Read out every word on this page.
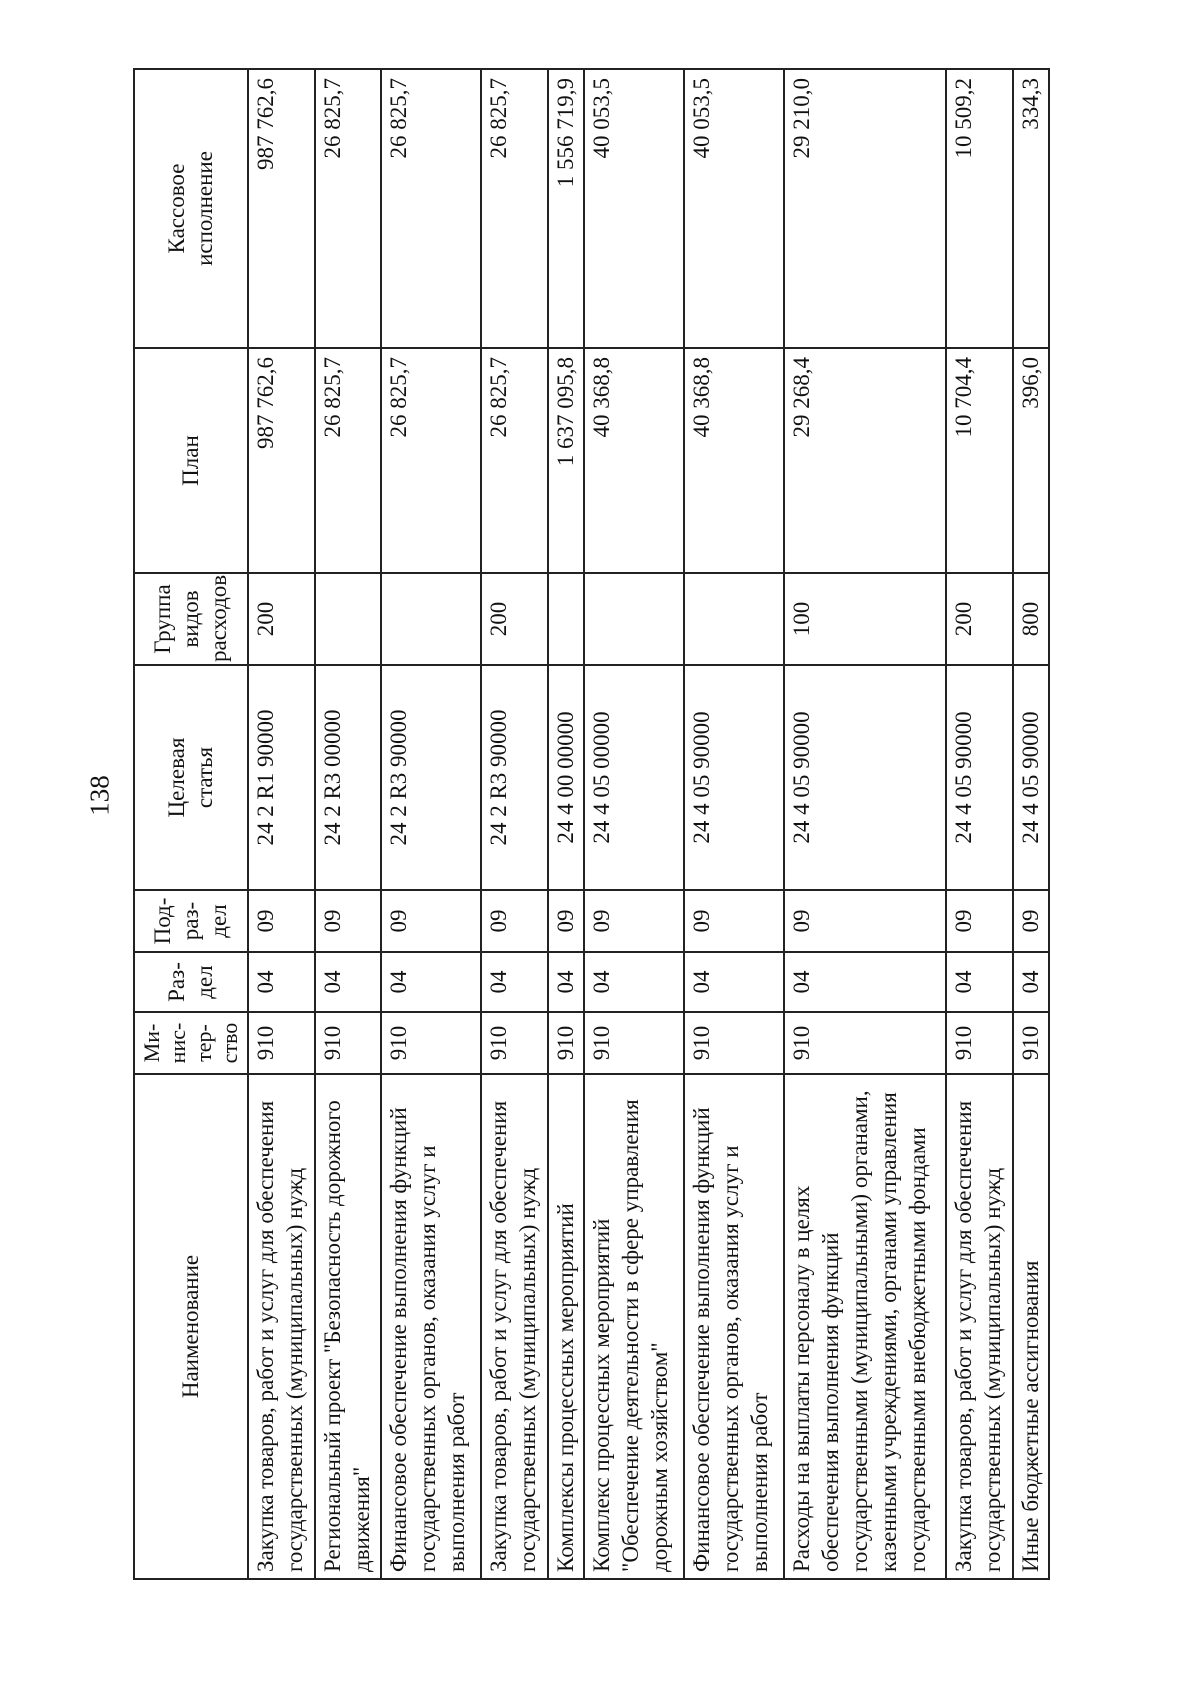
138
Наименование	Ми-
нис-
тер-
ство	Раз- дел	Под- раз- дел	Целевая статья	Группа видов расходов	План	Кассовое исполнение
Закупка товаров, работ и услуг для обеспечения государственных (муниципальных) нужд	910	04	09	24 2 R1 90000	200	987 762,6	987 762,6
Региональный проект "Безопасность дорожного движения"	910	04	09	24 2 R3 00000		26 825,7	26 825,7
Финансовое обеспечение выполнения функций государственных органов, оказания услуг и выполнения работ	910	04	09	24 2 R3 90000		26 825,7	26 825,7
Закупка товаров, работ и услуг для обеспечения государственных (муниципальных) нужд	910	04	09	24 2 R3 90000	200	26 825,7	26 825,7
Комплексы процессных мероприятий	910	04	09	24 4 00 00000		1 637 095,8	1 556 719,9
Комплекс процессных мероприятий "Обеспечение деятельности в сфере управления дорожным хозяйством"	910	04	09	24 4 05 00000		40 368,8	40 053,5
Финансовое обеспечение выполнения функций государственных органов, оказания услуг и выполнения работ	910	04	09	24 4 05 90000		40 368,8	40 053,5
Расходы на выплаты персоналу в целях обеспечения выполнения функций государственными (муниципальными) органами, казенными учреждениями, органами управления государственными внебюджетными фондами	910	04	09	24 4 05 90000	100	29 268,4	29 210,0
Закупка товаров, работ и услуг для обеспечения государственных (муниципальных) нужд	910	04	09	24 4 05 90000	200	10 704,4	10 509,2
Иные бюджетные ассигнования	910	04	09	24 4 05 90000	800	396,0	334,3
